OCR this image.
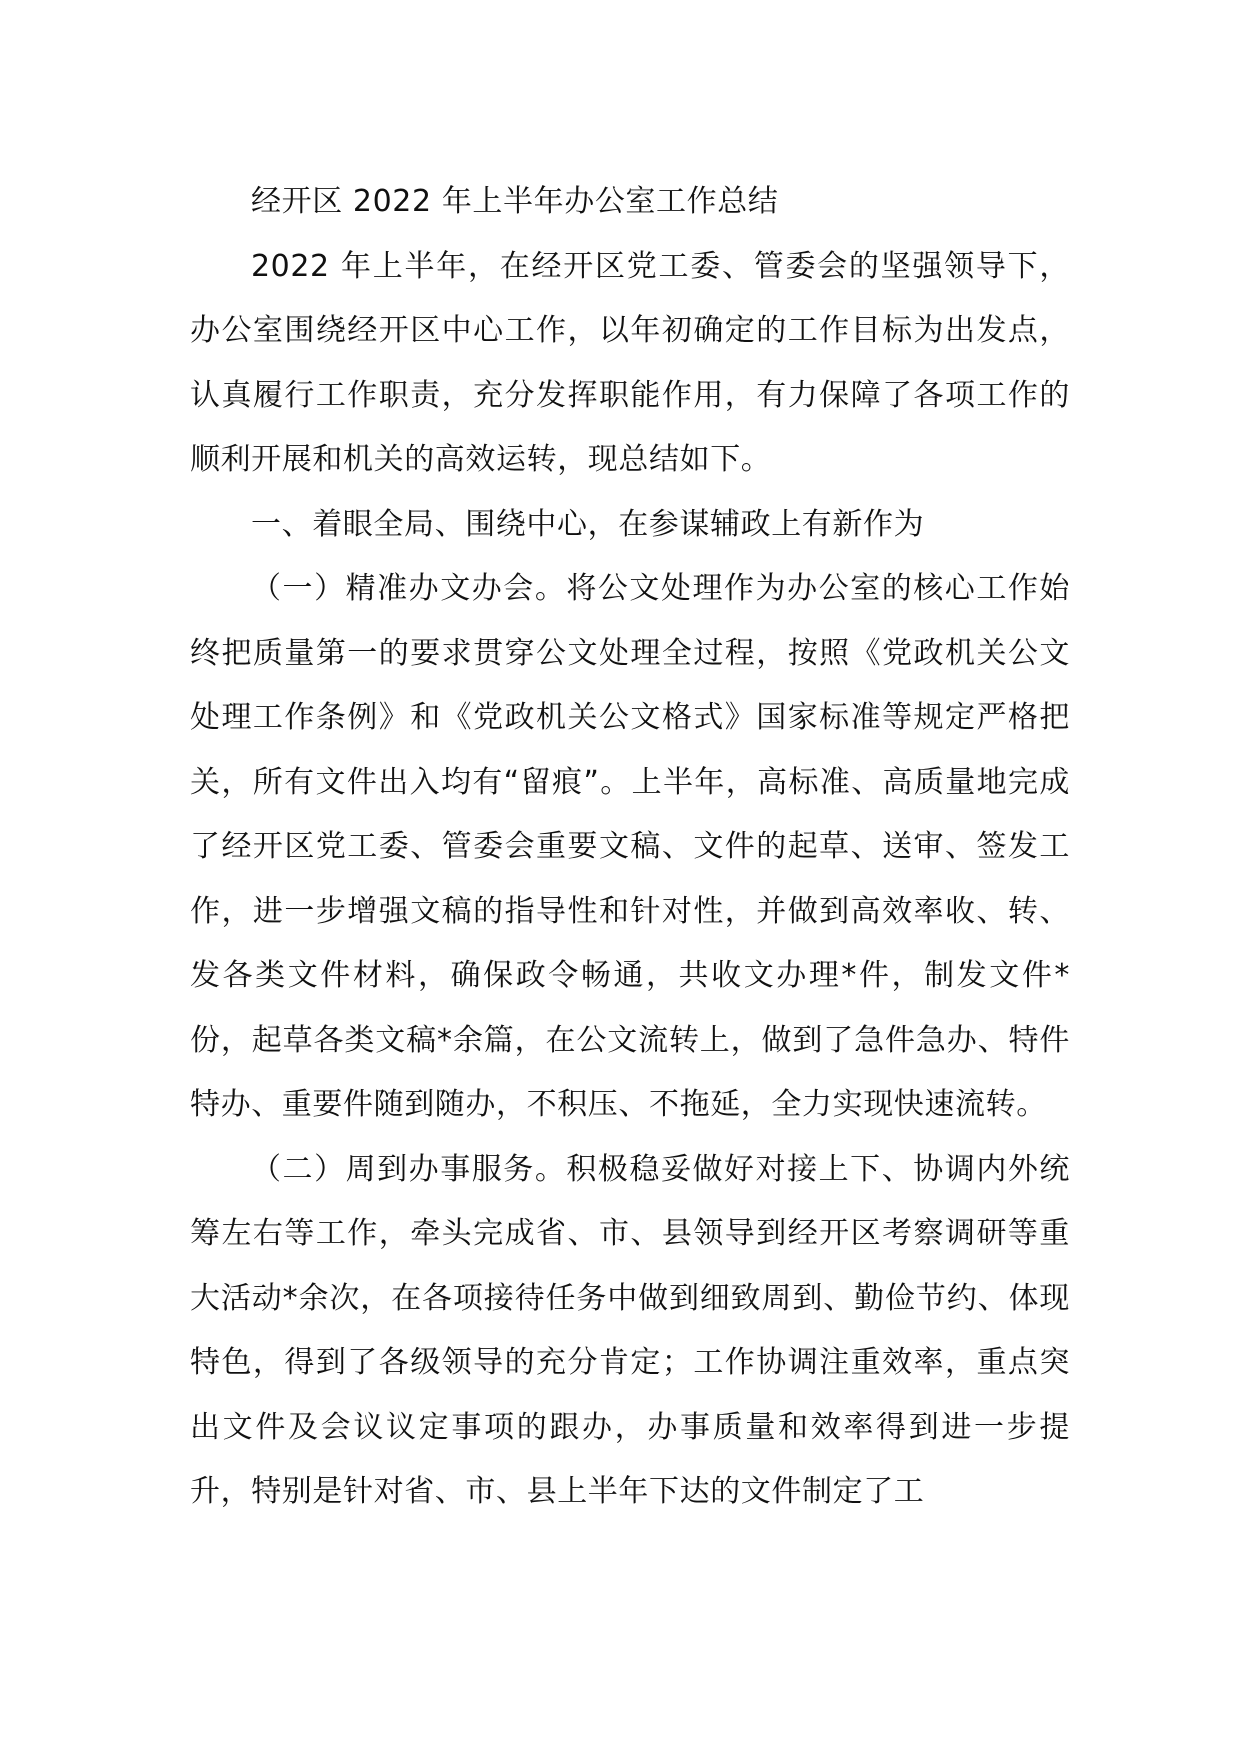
经开区 2022 年上半年办公室工作总结

2022 年上半年，在经开区党工委、管委会的坚强领导下，办公室围绕经开区中心工作，以年初确定的工作目标为出发点，认真履行工作职责，充分发挥职能作用，有力保障了各项工作的顺利开展和机关的高效运转，现总结如下。

一、着眼全局、围绕中心，在参谋辅政上有新作为

（一）精准办文办会。将公文处理作为办公室的核心工作始终把质量第一的要求贯穿公文处理全过程，按照《党政机关公文处理工作条例》和《党政机关公文格式》国家标准等规定严格把关，所有文件出入均有“留痕”。上半年，高标准、高质量地完成了经开区党工委、管委会重要文稿、文件的起草、送审、签发工作，进一步增强文稿的指导性和针对性，并做到高效率收、转、发各类文件材料，确保政令畅通，共收文办理*件，制发文件*份，起草各类文稿*余篇，在公文流转上，做到了急件急办、特件特办、重要件随到随办，不积压、不拖延，全力实现快速流转。

（二）周到办事服务。积极稳妥做好对接上下、协调内外统筹左右等工作，牵头完成省、市、县领导到经开区考察调研等重大活动*余次，在各项接待任务中做到细致周到、勤俭节约、体现特色，得到了各级领导的充分肯定；工作协调注重效率，重点突出文件及会议议定事项的跟办，办事质量和效率得到进一步提升，特别是针对省、市、县上半年下达的文件制定了工
